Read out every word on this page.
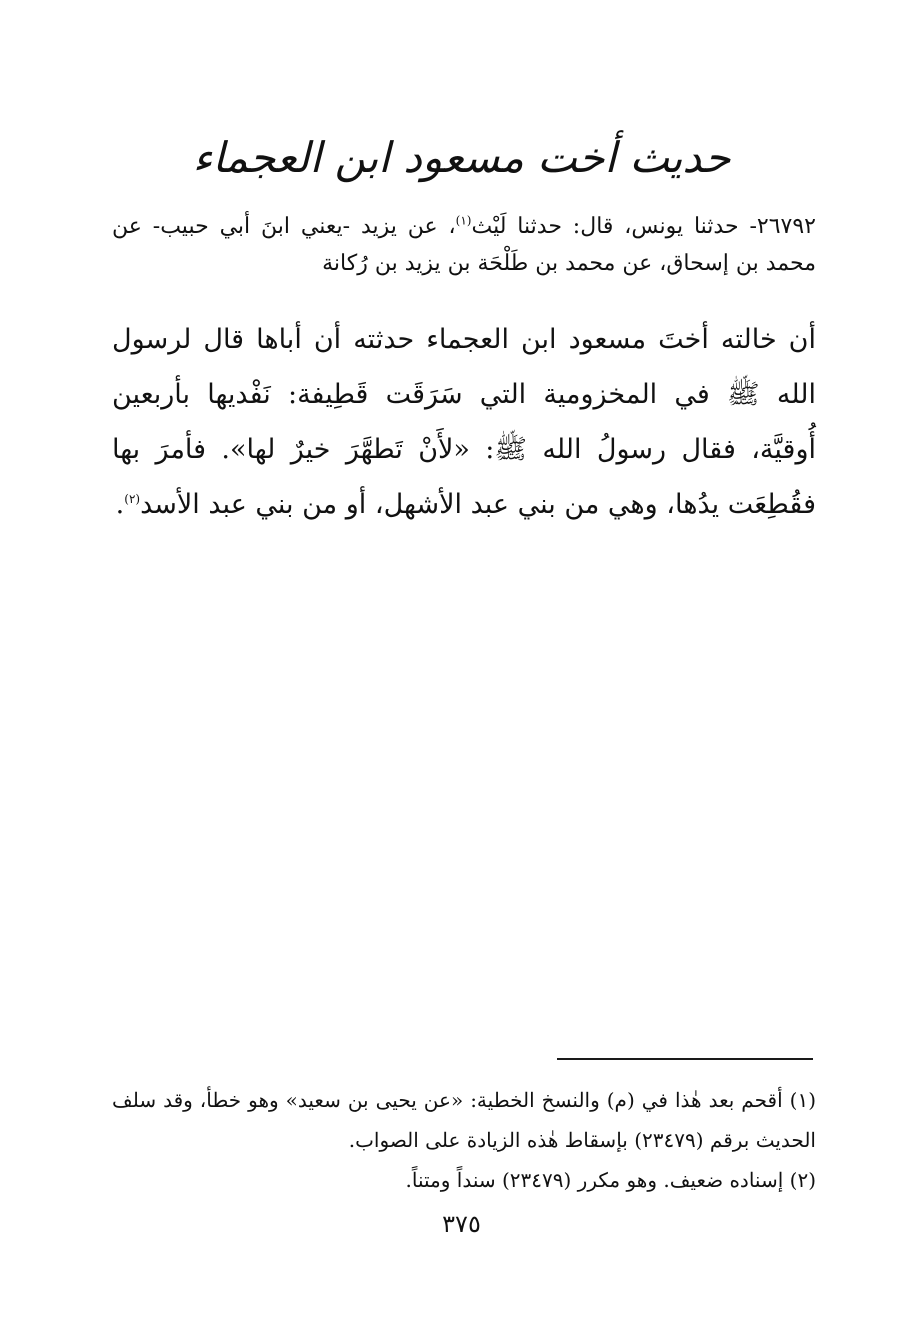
حديث أخت مسعود ابن العجماء
٢٦٧٩٢- حدثنا يونس، قال: حدثنا لَيْث$^{(١)}$، عن يزيد -يعني ابنَ أبي حبيب- عن محمد بن إسحاق، عن محمد بن طَلْحَة بن يزيد بن رُكانة
أن خالته أختَ مسعود ابن العجماء حدثته أن أباها قال لرسول الله ﷺ في المخزومية التي سَرَقَت قَطِيفة: نَفْديها بأربعين أُوقيَّة، فقال رسولُ الله ﷺ: «لأَنْ تَطهَّرَ خيرٌ لها». فأمرَ بها فقُطِعَت يدُها، وهي من بني عبد الأشهل، أو من بني عبد الأسد$^{(٢)}$.
(١) أقحم بعد هٰذا في (م) والنسخ الخطية: «عن يحيى بن سعيد» وهو خطأ، وقد سلف الحديث برقم (٢٣٤٧٩) بإسقاط هٰذه الزيادة على الصواب.
(٢) إسناده ضعيف. وهو مكرر (٢٣٤٧٩) سنداً ومتناً.
٣٧٥
